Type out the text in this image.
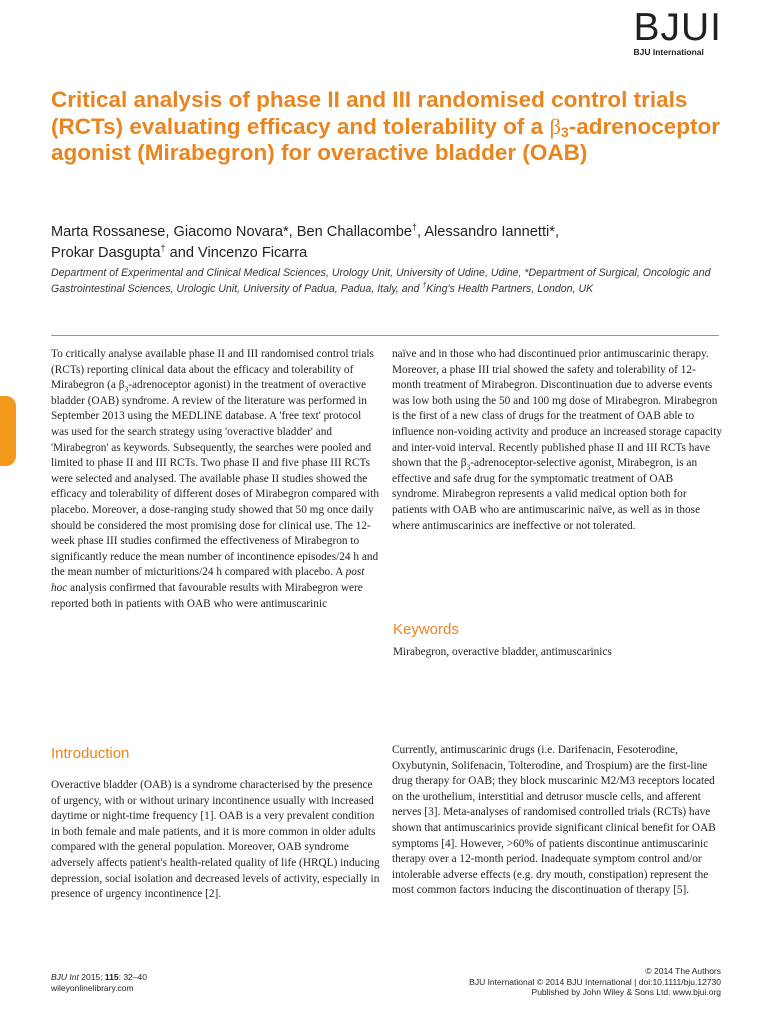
BJUI
BJU International
Critical analysis of phase II and III randomised control trials (RCTs) evaluating efficacy and tolerability of a $\beta_3$-adrenoceptor agonist (Mirabegron) for overactive bladder (OAB)
Marta Rossanese, Giacomo Novara*, Ben Challacombe†, Alessandro Iannetti*,
Prokar Dasgupta† and Vincenzo Ficarra
Department of Experimental and Clinical Medical Sciences, Urology Unit, University of Udine, Udine, *Department of Surgical, Oncologic and Gastrointestinal Sciences, Urologic Unit, University of Padua, Padua, Italy, and †King's Health Partners, London, UK

To critically analyse available phase II and III randomised control trials (RCTs) reporting clinical data about the efficacy and tolerability of Mirabegron (a $\beta_3$-adrenoceptor agonist) in the treatment of overactive bladder (OAB) syndrome. A review of the literature was performed in September 2013 using the MEDLINE database. A 'free text' protocol was used for the search strategy using 'overactive bladder' and 'Mirabegron' as keywords. Subsequently, the searches were pooled and limited to phase II and III RCTs. Two phase II and five phase III RCTs were selected and analysed. The available phase II studies showed the efficacy and tolerability of different doses of Mirabegron compared with placebo. Moreover, a dose-ranging study showed that 50 mg once daily should be considered the most promising dose for clinical use. The 12-week phase III studies confirmed the effectiveness of Mirabegron to significantly reduce the mean number of incontinence episodes/24 h and the mean number of micturitions/24 h compared with placebo. A post hoc analysis confirmed that favourable results with Mirabegron were reported both in patients with OAB who were antimuscarinic

naïve and in those who had discontinued prior antimuscarinic therapy. Moreover, a phase III trial showed the safety and tolerability of 12-month treatment of Mirabegron. Discontinuation due to adverse events was low both using the 50 and 100 mg dose of Mirabegron. Mirabegron is the first of a new class of drugs for the treatment of OAB able to influence non-voiding activity and produce an increased storage capacity and inter-void interval. Recently published phase II and III RCTs have shown that the $\beta_3-adrenoceptor$-selective agonist, Mirabegron, is an effective and safe drug for the symptomatic treatment of OAB syndrome. Mirabegron represents a valid medical option both for patients with OAB who are antimuscarinic naïve, as well as in those where antimuscarinics are ineffective or not tolerated.

Keywords

Mirabegron, overactive bladder, antimuscarinics

Introduction

Overactive bladder (OAB) is a syndrome characterised by the presence of urgency, with or without urinary incontinence usually with increased daytime or night-time frequency [1]. OAB is a very prevalent condition in both female and male patients, and it is more common in older adults compared with the general population. Moreover, OAB syndrome adversely affects patient's health-related quality of life (HRQL) inducing depression, social isolation and decreased levels of activity, especially in presence of urgency incontinence [2].

Currently, antimuscarinic drugs (i.e. Darifenacin, Fesoterodine, Oxybutynin, Solifenacin, Tolterodine, and Trospium) are the first-line drug therapy for OAB; they block muscarinic M2/M3 receptors located on the urothelium, interstitial and detrusor muscle cells, and afferent nerves [3]. Meta-analyses of randomised controlled trials (RCTs) have shown that antimuscarinics provide significant clinical benefit for OAB symptoms [4]. However, >60% of patients discontinue antimuscarinic therapy over a 12-month period. Inadequate symptom control and/or intolerable adverse effects (e.g. dry mouth, constipation) represent the most common factors inducing the discontinuation of therapy [5].

BJU Int 2015; 115: 32–40
wileyonlinelibrary.com
© 2014 The Authors
BJU International © 2014 BJU International | doi:10.1111/bju.12730
Published by John Wiley & Sons Ltd. www.bjui.org
